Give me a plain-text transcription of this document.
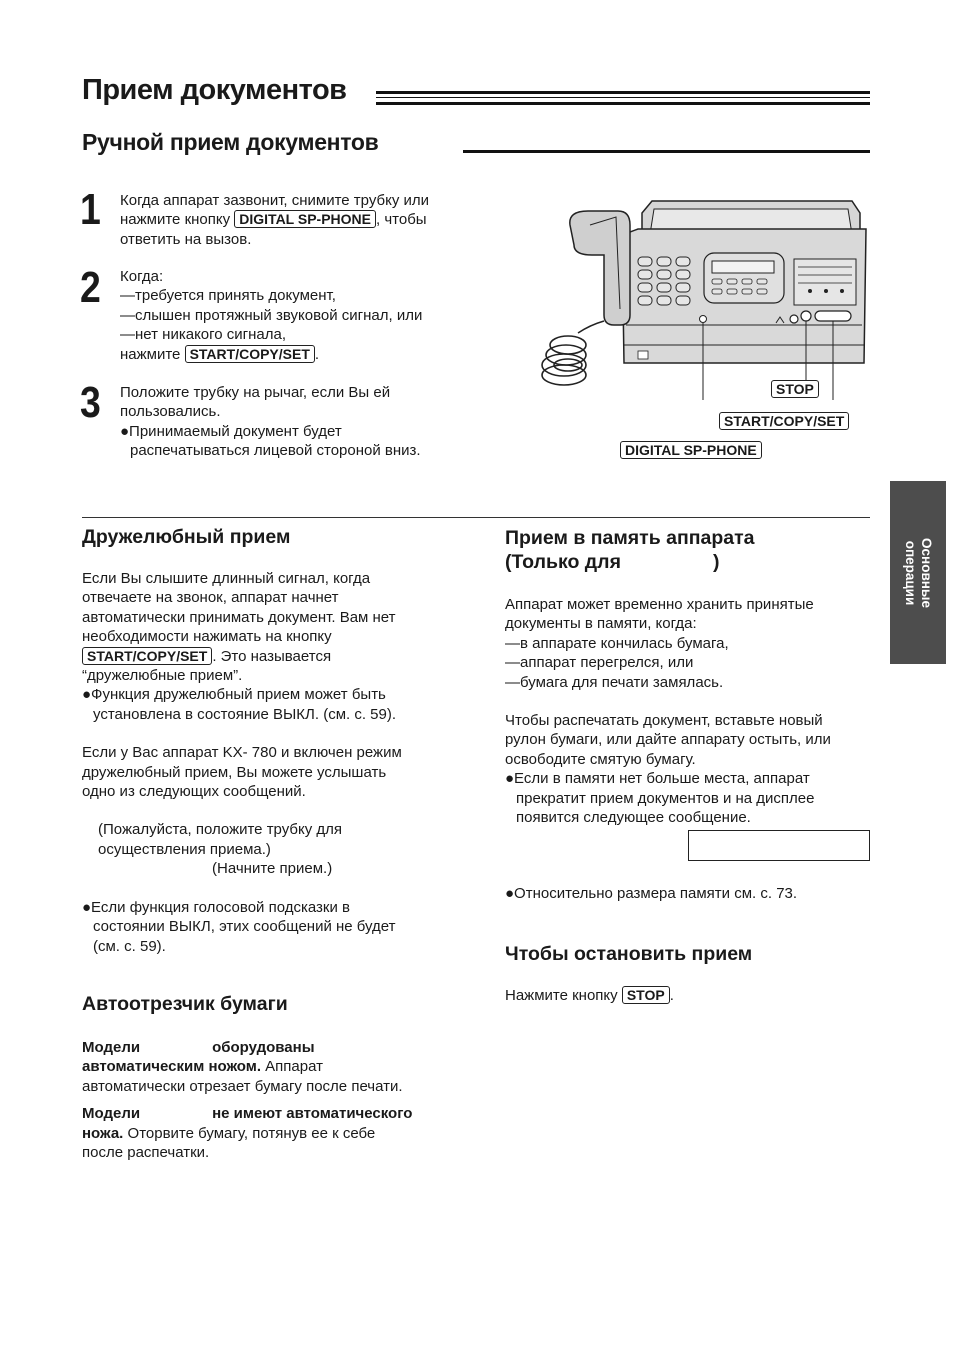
Прием документов
Ручной прием документов
1 Когда аппарат зазвонит, снимите трубку или
нажмите кнопку DIGITAL SP-PHONE , чтобы
ответить на вызов.
2 Когда:
—требуется принять документ,
—слышен протяжный звуковой сигнал, или
—нет никакого сигнала,
нажмите START/COPY/SET .
3 Положите трубку на рычаг, если Вы ей
пользовались.
●Принимаемый документ будет
распечатываться лицевой стороной вниз.
STOP
START/COPY/SET
DIGITAL SP-PHONE
Основные
операции
Дружелюбный прием
Если Вы слышите длинный сигнал, когда
отвечаете на звонок, аппарат начнет
автоматически принимать документ. Вам нет
необходимости нажимать на кнопку
START/COPY/SET . Это называется
“дружелюбные прием”.
●Функция дружелюбный прием может быть
установлена в состояние ВЫКЛ. (см. с. 59).
Если у Вас аппарат KX- 780 и включен режим
дружелюбный прием, Вы можете услышать
одно из следующих сообщений.
(Пожалуйста, положите трубку для
осуществления приема.)
(Начните прием.)
●Если функция голосовой подсказки в
состоянии ВЫКЛ, этих сообщений не будет
(см. с. 59).
Автоотрезчик бумаги
Модели	оборудованы
автоматическим ножом. Аппарат
автоматически отрезает бумагу после печати.
Модели	не имеют автоматического
ножа. Оторвите бумагу, потянув ее к себе
после распечатки.
Прием в память аппарата
(Только для	)
Аппарат может временно хранить принятые
документы в памяти, когда:
—в аппарате кончилась бумага,
—аппарат перегрелся, или
—бумага для печати замялась.
Чтобы распечатать документ, вставьте новый
рулон бумаги, или дайте аппарату остыть, или
освободите смятую бумагу.
●Если в памяти нет больше места, аппарат
прекратит прием документов и на дисплее
появится следующее сообщение.
●Относительно размера памяти см. с. 73.
Чтобы остановить прием
Нажмите кнопку STOP .
